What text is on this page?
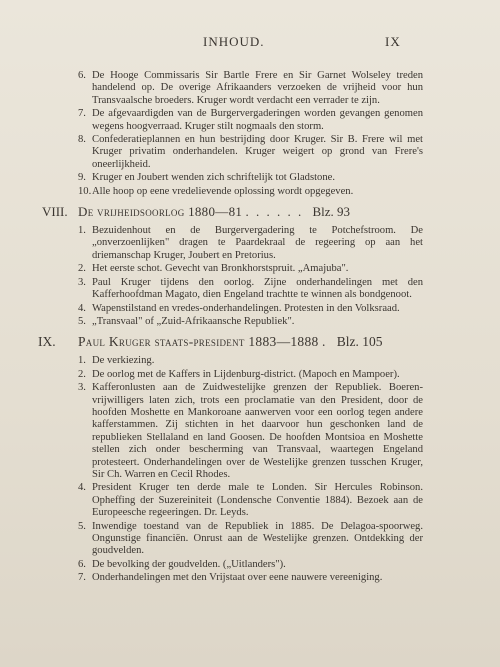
INHOUD.	IX
6. De Hooge Commissaris Sir Bartle Frere en Sir Garnet Wolseley treden handelend op. De overige Afrikaanders verzoeken de vrijheid voor hun Transvaalsche broeders. Kruger wordt verdacht een verrader te zijn.
7. De afgevaardigden van de Burgervergaderingen worden gevangen genomen wegens hoogverraad. Kruger stilt nogmaals den storm.
8. Confederatieplannen en hun bestrijding door Kruger. Sir B. Frere wil met Kruger privatim onderhandelen. Kruger weigert op grond van Frere's oneerlijkheid.
9. Kruger en Joubert wenden zich schriftelijk tot Gladstone.
10. Alle hoop op eene vredelievende oplossing wordt opgegeven.
VIII. De vrijheidsoorlog 1880—81 . . . . . . Blz. 93
1. Bezuidenhout en de Burgervergadering te Potchefstroom. De „onverzoenlijken" dragen te Paardekraal de regeering op aan het driemanschap Kruger, Joubert en Pretorius.
2. Het eerste schot. Gevecht van Bronkhorstspruit. „Amajuba".
3. Paul Kruger tijdens den oorlog. Zijne onderhandelingen met den Kafferhoofdman Magato, dien Engeland trachtte te winnen als bondgenoot.
4. Wapenstilstand en vredes-onderhandelingen. Protesten in den Volksraad.
5. „Transvaal" of „Zuid-Afrikaansche Republiek".
IX. Paul Kruger staats-president 1883—1888 . Blz. 105
1. De verkiezing.
2. De oorlog met de Kaffers in Lijdenburg-district. (Mapoch en Mampoer).
3. Kafferonlusten aan de Zuidwestelijke grenzen der Republiek. Boeren-vrijwilligers laten zich, trots een proclamatie van den President, door de hoofden Moshette en Mankoroane aanwerven voor een oorlog tegen andere kafferstammen. Zij stichten in het daarvoor hun geschonken land de republieken Stellaland en land Goosen. De hoofden Montsioa en Moshette stellen zich onder bescherming van Transvaal, waartegen Engeland protesteert. Onderhandelingen over de Westelijke grenzen tusschen Kruger, Sir Ch. Warren en Cecil Rhodes.
4. President Kruger ten derde male te Londen. Sir Hercules Robinson. Opheffing der Suzereiniteit (Londensche Conventie 1884). Bezoek aan de Europeesche regeeringen. Dr. Leyds.
5. Inwendige toestand van de Republiek in 1885. De Delagoa-spoorweg. Ongunstige financiën. Onrust aan de Westelijke grenzen. Ontdekking der goudvelden.
6. De bevolking der goudvelden. („Uitlanders").
7. Onderhandelingen met den Vrijstaat over eene nauwere vereeniging.
